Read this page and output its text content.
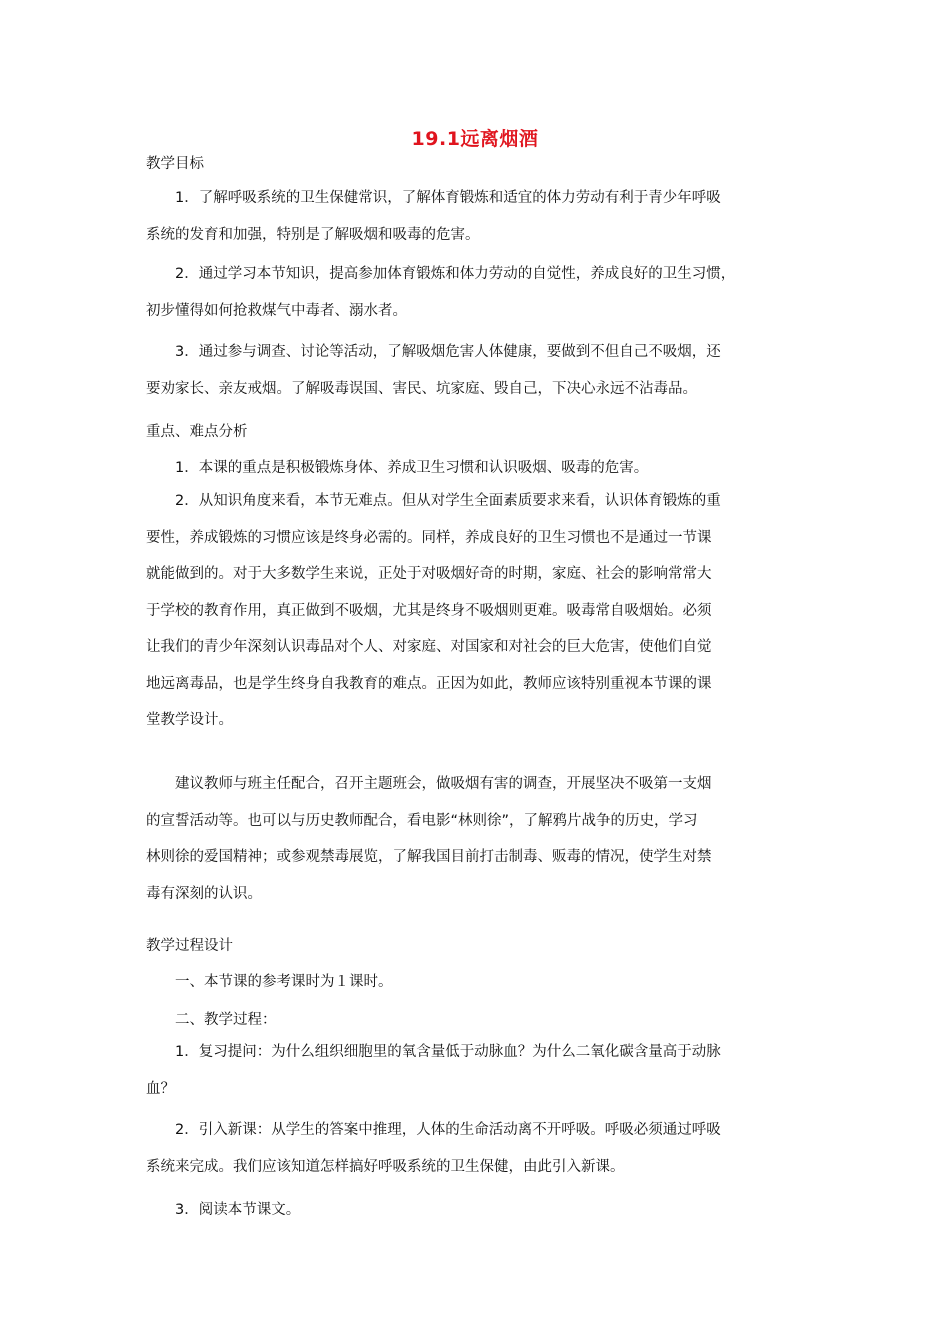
19.1远离烟酒
教学目标
1．了解呼吸系统的卫生保健常识，了解体育锻炼和适宜的体力劳动有利于青少年呼吸
系统的发育和加强，特别是了解吸烟和吸毒的危害。
2．通过学习本节知识，提高参加体育锻炼和体力劳动的自觉性，养成良好的卫生习惯，
初步懂得如何抢救煤气中毒者、溺水者。
3．通过参与调查、讨论等活动，了解吸烟危害人体健康，要做到不但自己不吸烟，还
要劝家长、亲友戒烟。了解吸毒误国、害民、坑家庭、毁自己，下决心永远不沾毒品。
重点、难点分析
1．本课的重点是积极锻炼身体、养成卫生习惯和认识吸烟、吸毒的危害。
2．从知识角度来看，本节无难点。但从对学生全面素质要求来看，认识体育锻炼的重
要性，养成锻炼的习惯应该是终身必需的。同样，养成良好的卫生习惯也不是通过一节课
就能做到的。对于大多数学生来说，正处于对吸烟好奇的时期，家庭、社会的影响常常大
于学校的教育作用，真正做到不吸烟，尤其是终身不吸烟则更难。吸毒常自吸烟始。必须
让我们的青少年深刻认识毒品对个人、对家庭、对国家和对社会的巨大危害，使他们自觉
地远离毒品，也是学生终身自我教育的难点。正因为如此，教师应该特别重视本节课的课
堂教学设计。
建议教师与班主任配合，召开主题班会，做吸烟有害的调查，开展坚决不吸第一支烟
的宣誓活动等。也可以与历史教师配合，看电影“林则徐”，了解鸦片战争的历史，学习
林则徐的爱国精神；或参观禁毒展览，了解我国目前打击制毒、贩毒的情况，使学生对禁
毒有深刻的认识。
教学过程设计
一、本节课的参考课时为１课时。
二、教学过程：
1．复习提问：为什么组织细胞里的氧含量低于动脉血？为什么二氧化碳含量高于动脉
血？
2．引入新课：从学生的答案中推理，人体的生命活动离不开呼吸。呼吸必须通过呼吸
系统来完成。我们应该知道怎样搞好呼吸系统的卫生保健，由此引入新课。
3．阅读本节课文。
